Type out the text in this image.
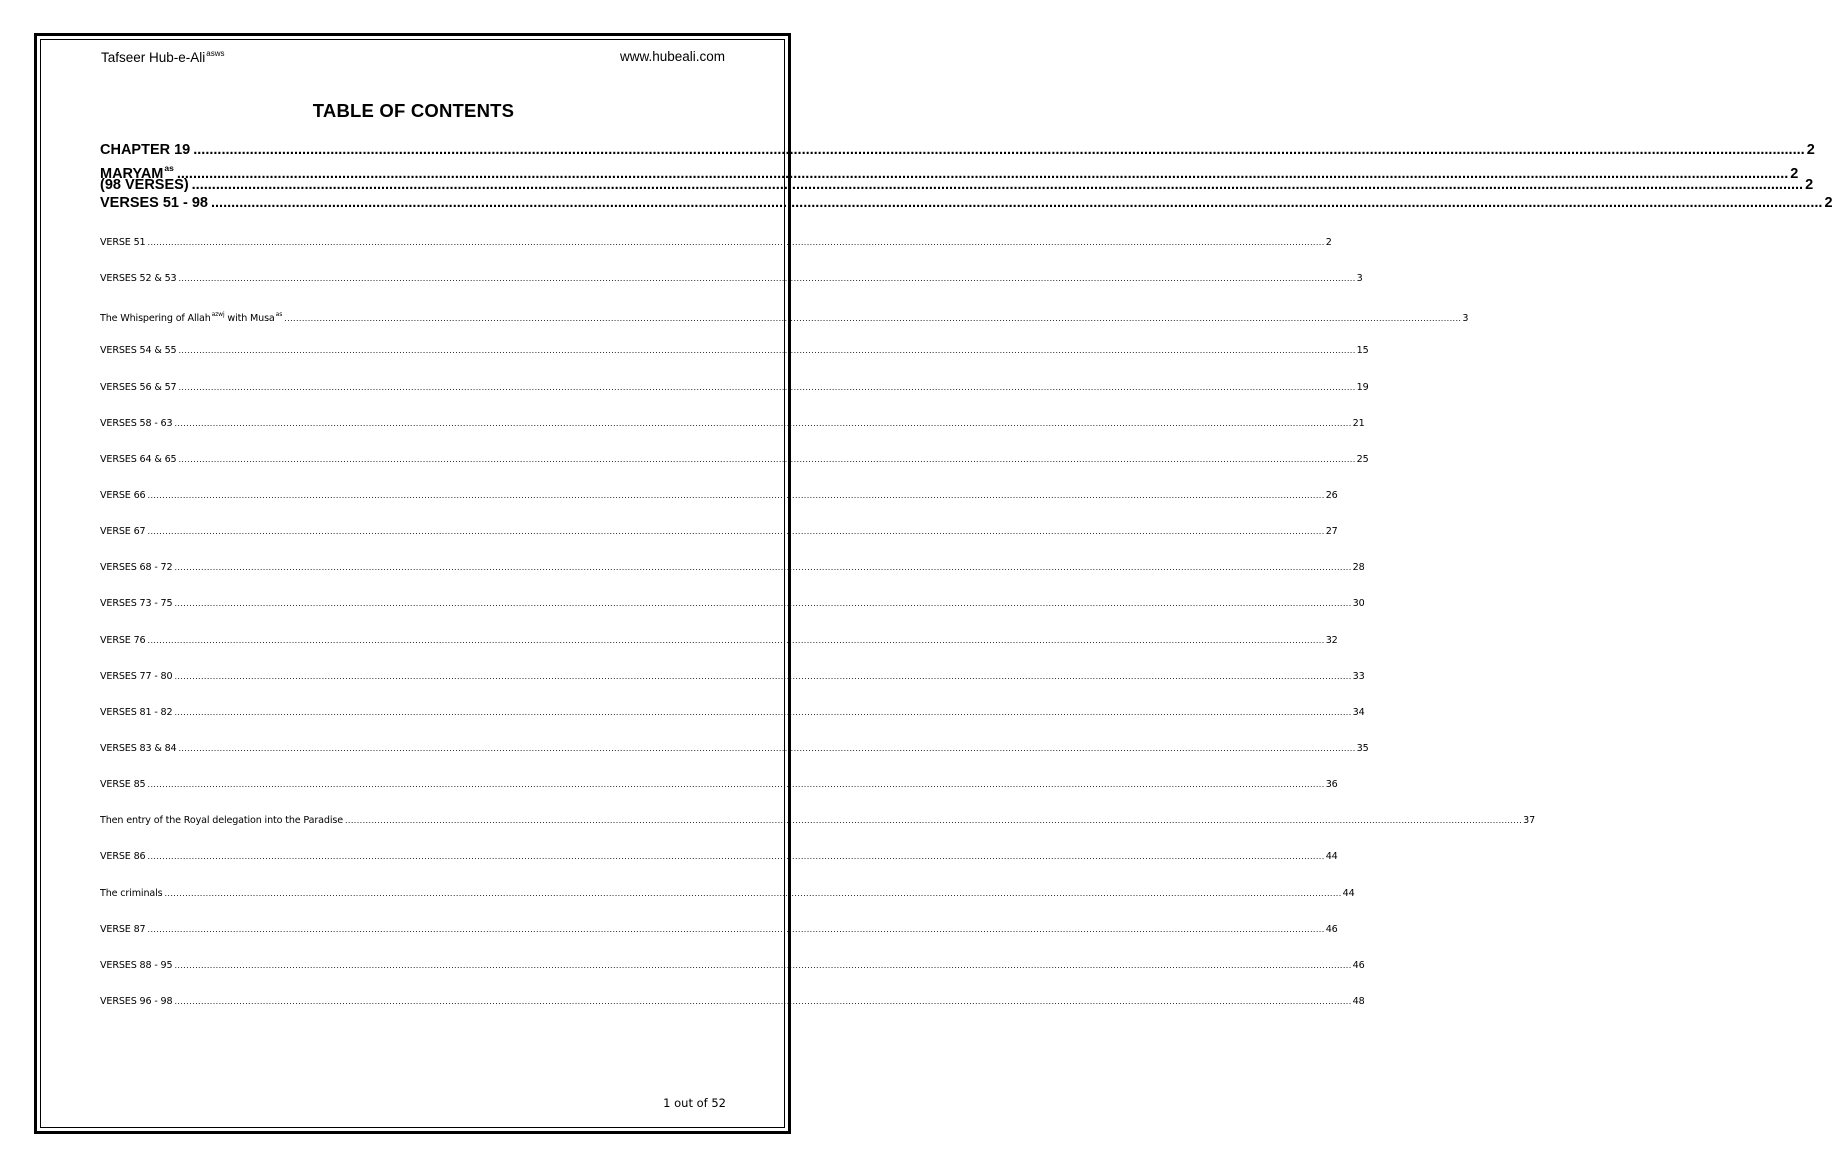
Tafseer Hub-e-Ali$^{asws}$	www.hubeali.com
TABLE OF CONTENTS
CHAPTER 19 ................................................................................................................................................................................................................................................................................................................................................................................................................ 2
$MARYAM^{as}$ ................................................................................................................................................................................................................................................................................................................................................................................................................ 2
(98 VERSES) ................................................................................................................................................................................................................................................................................................................................................................................................................ 2
VERSES 51 - 98 ................................................................................................................................................................................................................................................................................................................................................................................................................ 2
VERSE 51 ................................................................................................................................................................................................................................................................................................................................................................................................................ 2
VERSES 52 & 53 ................................................................................................................................................................................................................................................................................................................................................................................................................ 3
The Whispering of Allah$^{azwj}$ with Musa$^{as}$ ................................................................................................................................................................................................................................................................................................................................................................................................................ 3
VERSES 54 & 55 ................................................................................................................................................................................................................................................................................................................................................................................................................ 15
VERSES 56 & 57 ................................................................................................................................................................................................................................................................................................................................................................................................................ 19
VERSES 58 - 63 ................................................................................................................................................................................................................................................................................................................................................................................................................ 21
VERSES 64 & 65 ................................................................................................................................................................................................................................................................................................................................................................................................................ 25
VERSE 66 ................................................................................................................................................................................................................................................................................................................................................................................................................ 26
VERSE 67 ................................................................................................................................................................................................................................................................................................................................................................................................................ 27
VERSES 68 - 72 ................................................................................................................................................................................................................................................................................................................................................................................................................ 28
VERSES 73 - 75 ................................................................................................................................................................................................................................................................................................................................................................................................................ 30
VERSE 76 ................................................................................................................................................................................................................................................................................................................................................................................................................ 32
VERSES 77 - 80 ................................................................................................................................................................................................................................................................................................................................................................................................................ 33
VERSES 81 - 82 ................................................................................................................................................................................................................................................................................................................................................................................................................ 34
VERSES 83 & 84 ................................................................................................................................................................................................................................................................................................................................................................................................................ 35
VERSE 85 ................................................................................................................................................................................................................................................................................................................................................................................................................ 36
Then entry of the Royal delegation into the Paradise ................................................................................................................................................................................................................................................................................................................................................................................................................ 37
VERSE 86 ................................................................................................................................................................................................................................................................................................................................................................................................................ 44
The criminals ................................................................................................................................................................................................................................................................................................................................................................................................................ 44
VERSE 87 ................................................................................................................................................................................................................................................................................................................................................................................................................ 46
VERSES 88 - 95 ................................................................................................................................................................................................................................................................................................................................................................................................................ 46
VERSES 96 - 98 ................................................................................................................................................................................................................................................................................................................................................................................................................ 48
1 out of 52
